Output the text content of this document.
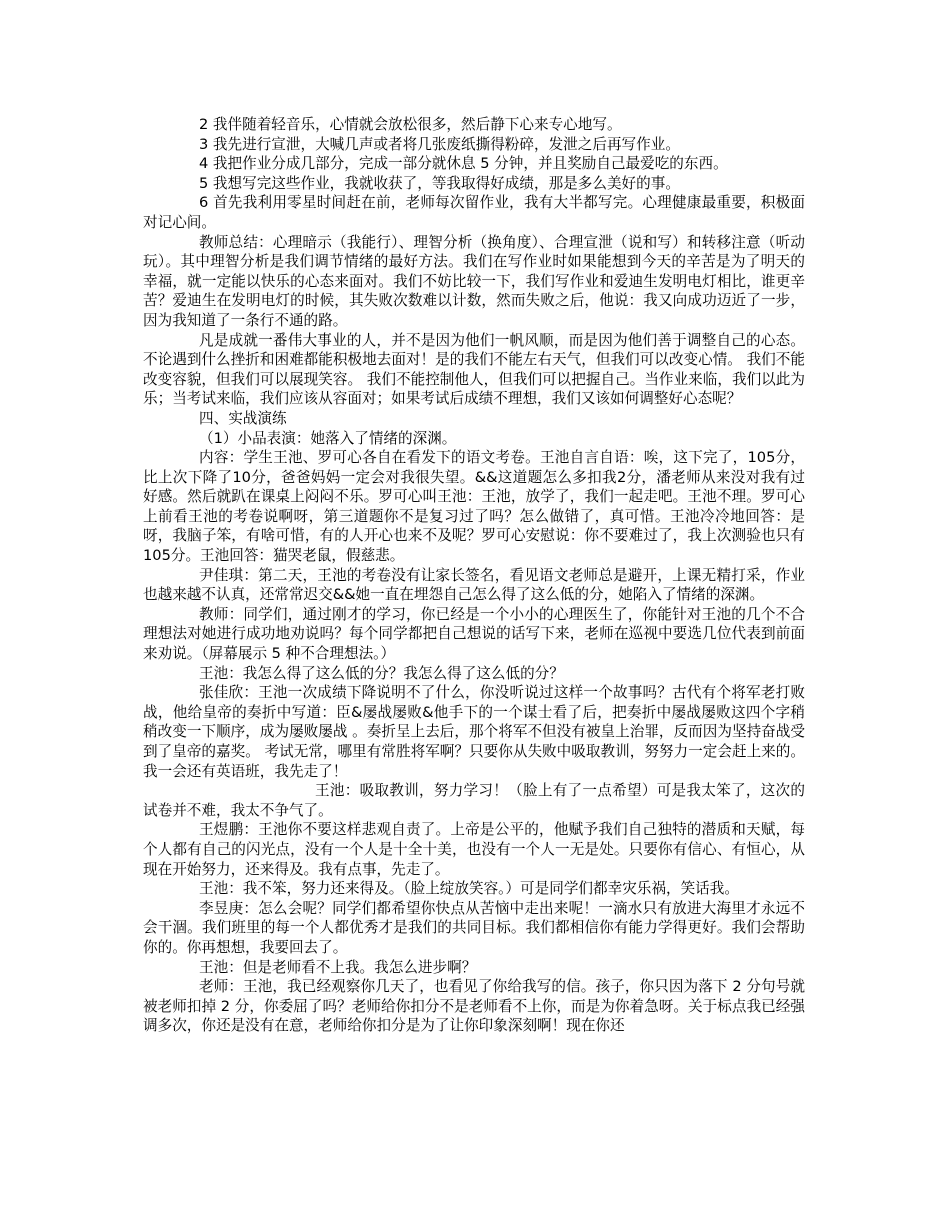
2 我伴随着轻音乐，心情就会放松很多，然后静下心来专心地写。

3 我先进行宣泄，大喊几声或者将几张废纸撕得粉碎，发泄之后再写作业。

4 我把作业分成几部分，完成一部分就休息 5 分钟，并且奖励自己最爱吃的东西。

5 我想写完这些作业，我就收获了，等我取得好成绩，那是多么美好的事。

6 首先我利用零星时间赶在前，老师每次留作业，我有大半都写完。心理健康最重要，积极面对记心间。

教师总结：心理暗示（我能行）、理智分析（换角度）、合理宣泄（说和写）和转移注意（听动玩）。其中理智分析是我们调节情绪的最好方法。我们在写作业时如果能想到今天的辛苦是为了明天的幸福，就一定能以快乐的心态来面对。我们不妨比较一下，我们写作业和爱迪生发明电灯相比，谁更辛苦？爱迪生在发明电灯的时候，其失败次数难以计数，然而失败之后，他说：我又向成功迈近了一步，因为我知道了一条行不通的路。

凡是成就一番伟大事业的人，并不是因为他们一帆风顺，而是因为他们善于调整自己的心态。不论遇到什么挫折和困难都能积极地去面对！是的我们不能左右天气，但我们可以改变心情。 我们不能改变容貌，但我们可以展现笑容。 我们不能控制他人，但我们可以把握自己。当作业来临，我们以此为乐；当考试来临，我们应该从容面对；如果考试后成绩不理想，我们又该如何调整好心态呢？

四、实战演练

（1）小品表演：她落入了情绪的深渊。

内容：学生王池、罗可心各自在看发下的语文考卷。王池自言自语：唉，这下完了，105分，比上次下降了10分，爸爸妈妈一定会对我很失望。&&这道题怎么多扣我2分，潘老师从来没对我有过好感。然后就趴在课桌上闷闷不乐。罗可心叫王池：王池，放学了，我们一起走吧。王池不理。罗可心上前看王池的考卷说啊呀，第三道题你不是复习过了吗？怎么做错了，真可惜。王池冷冷地回答：是呀，我脑子笨，有啥可惜，有的人开心也来不及呢？罗可心安慰说：你不要难过了，我上次测验也只有105分。王池回答：猫哭老鼠，假慈悲。

尹佳琪：第二天，王池的考卷没有让家长签名，看见语文老师总是避开，上课无精打采，作业也越来越不认真，还常常迟交&&她一直在埋怨自己怎么得了这么低的分，她陷入了情绪的深渊。

教师：同学们，通过刚才的学习，你已经是一个小小的心理医生了，你能针对王池的几个不合理想法对她进行成功地劝说吗？每个同学都把自己想说的话写下来，老师在巡视中要选几位代表到前面来劝说。（屏幕展示 5 种不合理想法。）

王池：我怎么得了这么低的分？我怎么得了这么低的分？

张佳欣：王池一次成绩下降说明不了什么，你没听说过这样一个故事吗？古代有个将军老打败战，他给皇帝的奏折中写道：臣&屡战屡败&他手下的一个谋士看了后，把奏折中屡战屡败这四个字稍稍改变一下顺序，成为屡败屡战 。奏折呈上去后，那个将军不但没有被皇上治罪，反而因为坚持奋战受到了皇帝的嘉奖。 考试无常，哪里有常胜将军啊？只要你从失败中吸取教训，努努力一定会赶上来的。我一会还有英语班，我先走了！

王池：吸取教训，努力学习！（脸上有了一点希望）可是我太笨了，这次的试卷并不难，我太不争气了。

王煜鹏：王池你不要这样悲观自责了。上帝是公平的，他赋予我们自己独特的潜质和天赋，每个人都有自己的闪光点，没有一个人是十全十美，也没有一个人一无是处。只要你有信心、有恒心，从现在开始努力，还来得及。我有点事，先走了。

王池：我不笨，努力还来得及。（脸上绽放笑容。）可是同学们都幸灾乐祸，笑话我。

李昱庚：怎么会呢？同学们都希望你快点从苦恼中走出来呢！一滴水只有放进大海里才永远不会干涸。我们班里的每一个人都优秀才是我们的共同目标。我们都相信你有能力学得更好。我们会帮助你的。你再想想，我要回去了。

王池：但是老师看不上我。我怎么进步啊？

老师：王池，我已经观察你几天了，也看见了你给我写的信。孩子，你只因为落下 2 分句号就被老师扣掉 2 分，你委屈了吗？老师给你扣分不是老师看不上你，而是为你着急呀。关于标点我已经强调多次，你还是没有在意，老师给你扣分是为了让你印象深刻啊！现在你还
